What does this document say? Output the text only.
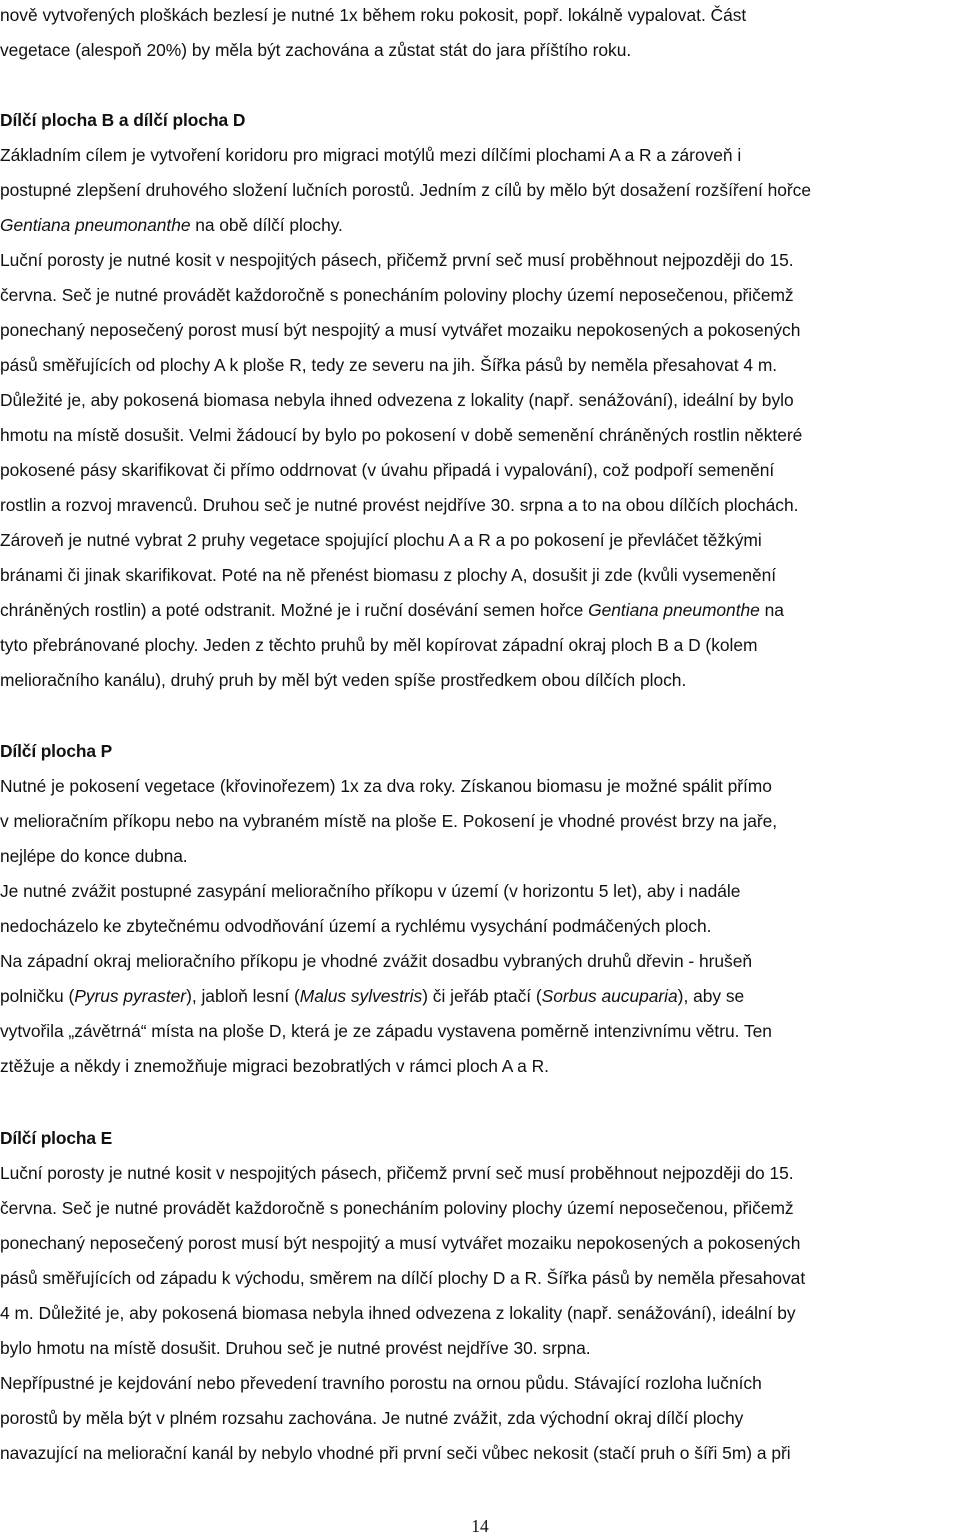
nově vytvořených ploškách bezlesí je nutné 1x během roku pokosit, popř. lokálně vypalovat. Část
vegetace (alespoň 20%) by měla být zachována a zůstat stát do jara příštího roku.
Dílčí plocha B a dílčí plocha D
Základním cílem je vytvoření koridoru pro migraci motýlů mezi dílčími plochami A a R a zároveň i
postupné zlepšení druhového složení lučních porostů. Jedním z cílů by mělo být dosažení rozšíření hořce
Gentiana pneumonanthe na obě dílčí plochy.
Luční porosty je nutné kosit v nespojitých pásech, přičemž první seč musí proběhnout nejpozději do 15.
června. Seč je nutné provádět každoročně s ponecháním poloviny plochy území neposečenou, přičemž
ponechaný neposečený porost musí být nespojitý a musí vytvářet mozaiku nepokosených a pokosených
pásů směřujících od plochy A k ploše R, tedy ze severu na jih. Šířka pásů by neměla přesahovat 4 m.
Důležité je, aby pokosená biomasa nebyla ihned odvezena z lokality (např. senážování), ideální by bylo
hmotu na místě dosušit. Velmi žádoucí by bylo po pokosení v době semenění chráněných rostlin některé
pokosené pásy skarifikovat či přímo oddrnovat (v úvahu připadá i vypalování), což podpoří semenění
rostlin a rozvoj mravenců. Druhou seč je nutné provést nejdříve 30. srpna a to na obou dílčích plochách.
Zároveň je nutné vybrat 2 pruhy vegetace spojující plochu A a R a po pokosení je převláčet těžkými
bránami či jinak skarifikovat. Poté na ně přenést biomasu z plochy A, dosušit ji zde (kvůli vysemenění
chráněných rostlin) a poté odstranit. Možné je i ruční dosévání semen hořce Gentiana pneumonthe na
tyto přebránované plochy. Jeden z těchto pruhů by měl kopírovat západní okraj ploch B a D (kolem
melioračního kanálu), druhý pruh by měl být veden spíše prostředkem obou dílčích ploch.
Dílčí plocha P
Nutné je pokosení vegetace (křovinořezem) 1x za dva roky. Získanou biomasu je možné spálit přímo
v melioračním příkopu nebo na vybraném místě na ploše E. Pokosení je vhodné provést brzy na jaře,
nejlépe do konce dubna.
Je nutné zvážit postupné zasypání melioračního příkopu v území (v horizontu 5 let), aby i nadále
nedocházelo ke zbytečnému odvodňování území a rychlému vysychání podmáčených ploch.
Na západní okraj melioračního příkopu je vhodné zvážit dosadbu vybraných druhů dřevin - hrušeň
polničku (Pyrus pyraster), jabloň lesní (Malus sylvestris) či jeřáb ptačí (Sorbus aucuparia), aby se
vytvořila „závětrná“ místa na ploše D, která je ze západu vystavena poměrně intenzivnímu větru. Ten
ztěžuje a někdy i znemožňuje migraci bezobratlých v rámci ploch A a R.
Dílčí plocha E
Luční porosty je nutné kosit v nespojitých pásech, přičemž první seč musí proběhnout nejpozději do 15.
června. Seč je nutné provádět každoročně s ponecháním poloviny plochy území neposečenou, přičemž
ponechaný neposečený porost musí být nespojitý a musí vytvářet mozaiku nepokosených a pokosených
pásů směřujících od západu k východu, směrem na dílčí plochy D a R. Šířka pásů by neměla přesahovat
4 m. Důležité je, aby pokosená biomasa nebyla ihned odvezena z lokality (např. senážování), ideální by
bylo hmotu na místě dosušit. Druhou seč je nutné provést nejdříve 30. srpna.
Nepřípustné je kejdování nebo převedení travního porostu na ornou půdu. Stávající rozloha lučních
porostů by měla být v plném rozsahu zachována. Je nutné zvážit, zda východní okraj dílčí plochy
navazující na meliorační kanál by nebylo vhodné při první seči vůbec nekosit (stačí pruh o šíři 5m) a při
14
